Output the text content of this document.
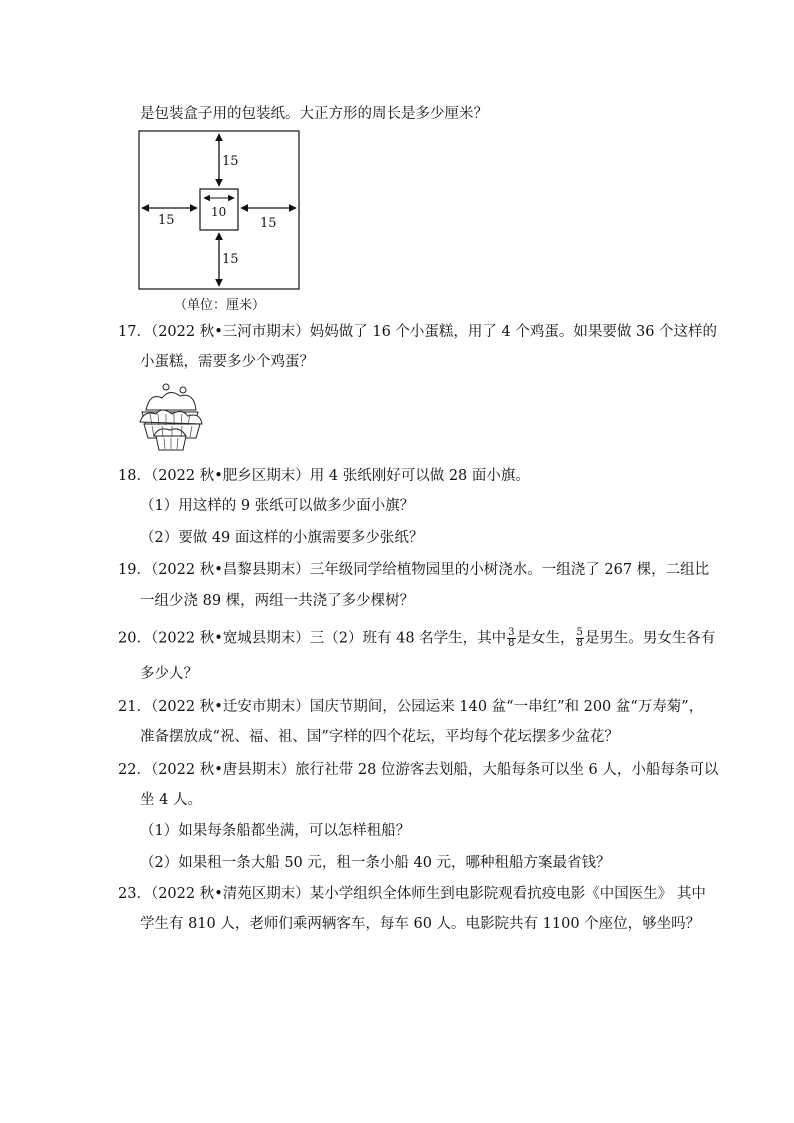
是包装盒子用的包装纸。大正方形的周长是多少厘米？
15
15	15
15
10
（单位：厘米）
17．（2022 秋•三河市期末）妈妈做了 16 个小蛋糕，用了 4 个鸡蛋。如果要做 36 个这样的
小蛋糕，需要多少个鸡蛋？
18．（2022 秋•肥乡区期末）用 4 张纸刚好可以做 28 面小旗。
（1）用这样的 9 张纸可以做多少面小旗？
（2）要做 49 面这样的小旗需要多少张纸？
19．（2022 秋•昌黎县期末）三年级同学给植物园里的小树浇水。一组浇了 267 棵，二组比
一组少浇 89 棵，两组一共浇了多少棵树？
20．（2022 秋•宽城县期末）三（2）班有 48 名学生，其中 $\frac{3}{8}$ 是女生， $\frac{5}{8}$ 是男生。男女生各有
多少人？
21．（2022 秋•迁安市期末）国庆节期间，公园运来 140 盆“一串红”和 200 盆“万寿菊”，
准备摆放成“祝、福、祖、国”字样的四个花坛，平均每个花坛摆多少盆花？
22．（2022 秋•唐县期末）旅行社带 28 位游客去划船，大船每条可以坐 6 人，小船每条可以
坐 4 人。
（1）如果每条船都坐满，可以怎样租船？
（2）如果租一条大船 50 元，租一条小船 40 元，哪种租船方案最省钱？
23．（2022 秋•清苑区期末）某小学组织全体师生到电影院观看抗疫电影《中国医生》 其中
学生有 810 人，老师们乘两辆客车，每车 60 人。电影院共有 1100 个座位，够坐吗？
